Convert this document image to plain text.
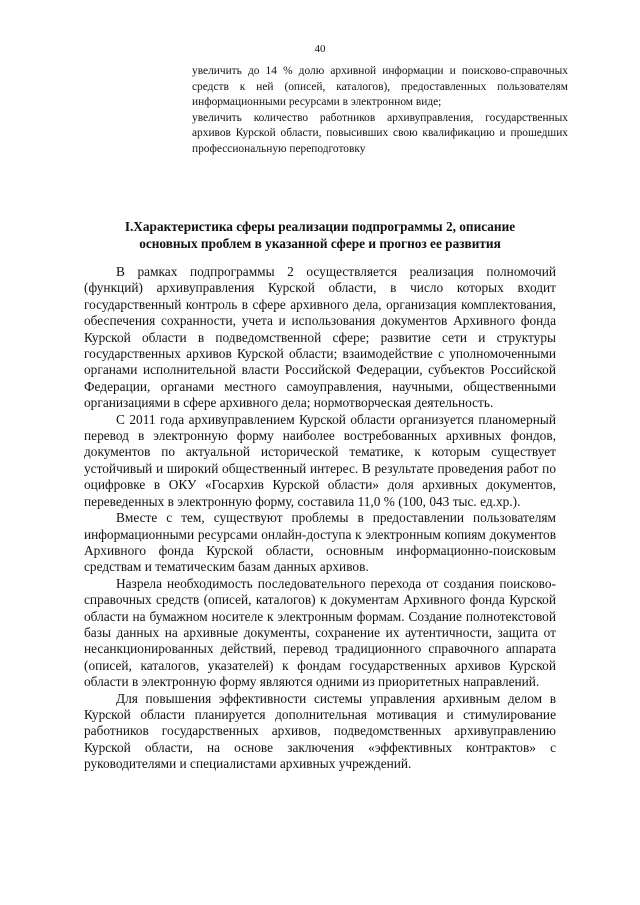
40

увеличить до 14 % долю архивной информации и поисково-справочных средств к ней (описей, каталогов), предоставленных пользователям информационными ресурсами в электронном виде;

увеличить количество работников архивуправления, государственных архивов Курской области, повысивших свою квалификацию и прошедших профессиональную переподготовку

I.Характеристика сферы реализации подпрограммы 2, описание
основных проблем в указанной сфере и прогноз ее развития

В рамках подпрограммы 2 осуществляется реализация полномочий (функций) архивуправления Курской области, в число которых входит государственный контроль в сфере архивного дела, организация комплектования, обеспечения сохранности, учета и использования документов Архивного фонда Курской области в подведомственной сфере; развитие сети и структуры государственных архивов Курской области; взаимодействие с уполномоченными органами исполнительной власти Российской Федерации, субъектов Российской Федерации, органами местного самоуправления, научными, общественными организациями в сфере архивного дела; нормотворческая деятельность.

С 2011 года архивуправлением Курской области организуется планомерный перевод в электронную форму наиболее востребованных архивных фондов, документов по актуальной исторической тематике, к которым существует устойчивый и широкий общественный интерес. В результате проведения работ по оцифровке в ОКУ «Госархив Курской области» доля архивных документов, переведенных в электронную форму, составила 11,0 % (100, 043 тыс. ед.хр.).

Вместе с тем, существуют проблемы в предоставлении пользователям информационными ресурсами онлайн-доступа к электронным копиям документов Архивного фонда Курской области, основным информационно-поисковым средствам и тематическим базам данных архивов.

Назрела необходимость последовательного перехода от создания поисково-справочных средств (описей, каталогов) к документам Архивного фонда Курской области на бумажном носителе к электронным формам. Создание полнотекстовой базы данных на архивные документы, сохранение их аутентичности, защита от несанкционированных действий, перевод традиционного справочного аппарата (описей, каталогов, указателей) к фондам государственных архивов Курской области в электронную форму являются одними из приоритетных направлений.

Для повышения эффективности системы управления архивным делом в Курской области планируется дополнительная мотивация и стимулирование работников государственных архивов, подведомственных архивуправлению Курской области, на основе заключения «эффективных контрактов» с руководителями и специалистами архивных учреждений.
